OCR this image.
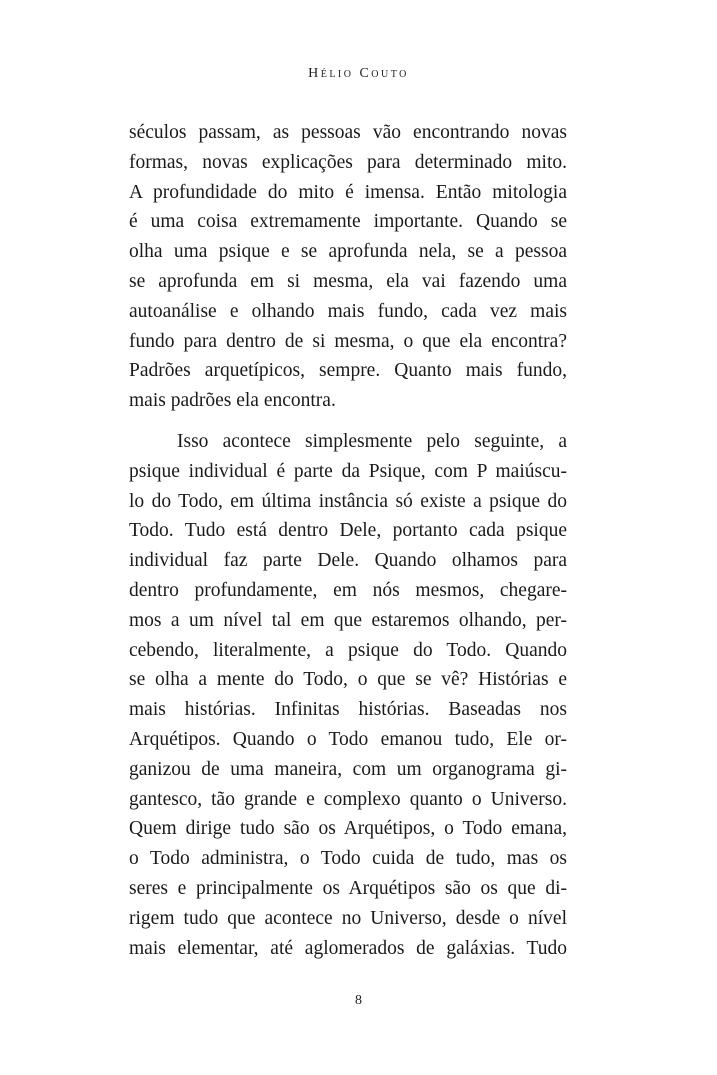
Hélio Couto
séculos passam, as pessoas vão encontrando novas
formas, novas explicações para determinado mito.
A profundidade do mito é imensa. Então mitologia
é uma coisa extremamente importante. Quando se
olha uma psique e se aprofunda nela, se a pessoa
se aprofunda em si mesma, ela vai fazendo uma
autoanálise e olhando mais fundo, cada vez mais
fundo para dentro de si mesma, o que ela encontra?
Padrões arquetípicos, sempre. Quanto mais fundo,
mais padrões ela encontra.
Isso acontece simplesmente pelo seguinte, a
psique individual é parte da Psique, com P maiúscu-
lo do Todo, em última instância só existe a psique do
Todo. Tudo está dentro Dele, portanto cada psique
individual faz parte Dele. Quando olhamos para
dentro profundamente, em nós mesmos, chegare-
mos a um nível tal em que estaremos olhando, per-
cebendo, literalmente, a psique do Todo. Quando
se olha a mente do Todo, o que se vê? Histórias e
mais histórias. Infinitas histórias. Baseadas nos
Arquétipos. Quando o Todo emanou tudo, Ele or-
ganizou de uma maneira, com um organograma gi-
gantesco, tão grande e complexo quanto o Universo.
Quem dirige tudo são os Arquétipos, o Todo emana,
o Todo administra, o Todo cuida de tudo, mas os
seres e principalmente os Arquétipos são os que di-
rigem tudo que acontece no Universo, desde o nível
mais elementar, até aglomerados de galáxias. Tudo
8
